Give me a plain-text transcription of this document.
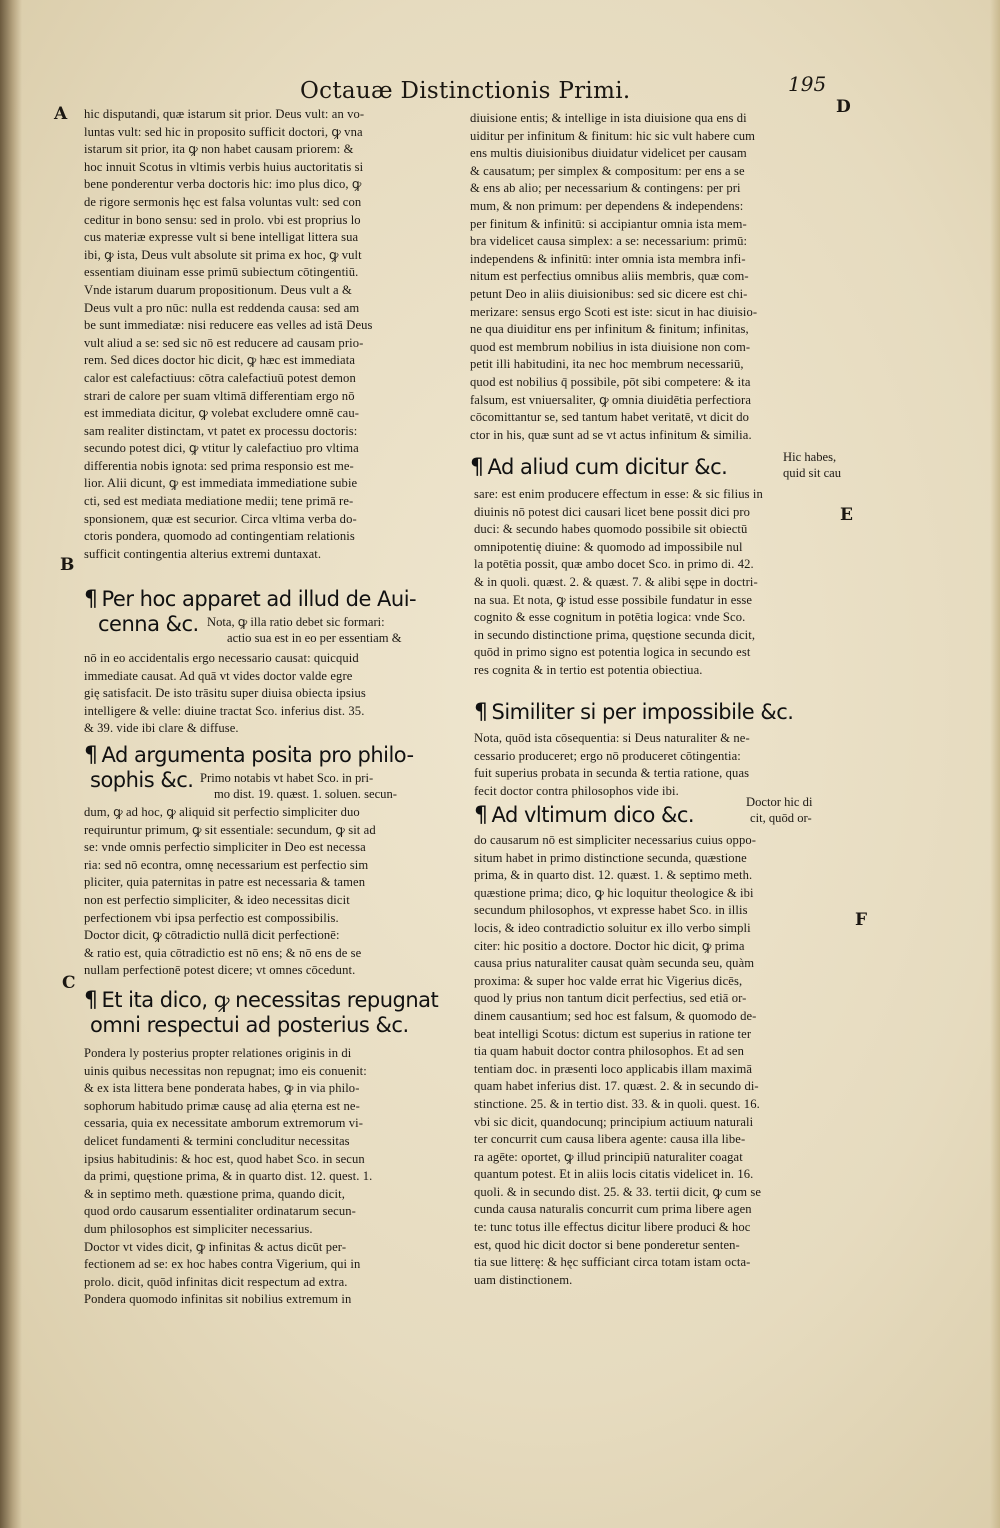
Octauæ Distinctionis Primi.	195
A
B
C
D
E
F
hic disputandi, quæ istarum sit prior. Deus vult: an vo-
luntas vult: sed hic in proposito sufficit doctori, ꝙ vna
istarum sit prior, ita ꝙ non habet causam priorem: &
hoc innuit Scotus in vltimis verbis huius auctoritatis si
bene ponderentur verba doctoris hic: imo plus dico, ꝙ
de rigore sermonis hęc est falsa voluntas vult: sed con
ceditur in bono sensu: sed in prolo. vbi est proprius lo
cus materiæ expresse vult si bene intelligat littera sua
ibi, ꝙ ista, Deus vult absolute sit prima ex hoc, ꝙ vult
essentiam diuinam esse primū subiectum cōtingentiū.
Vnde istarum duarum propositionum. Deus vult a &
Deus vult a pro nūc: nulla est reddenda causa: sed am
be sunt immediatæ: nisi reducere eas velles ad istā Deus
vult aliud a se: sed sic nō est reducere ad causam prio-
rem. Sed dices doctor hic dicit, ꝙ hæc est immediata
calor est calefactiuus: cōtra calefactiuū potest demon
strari de calore per suam vltimā differentiam ergo nō
est immediata dicitur, ꝙ volebat excludere omnē cau-
sam realiter distinctam, vt patet ex processu doctoris:
secundo potest dici, ꝙ vtitur ly calefactiuo pro vltima
differentia nobis ignota: sed prima responsio est me-
lior. Alii dicunt, ꝙ est immediata immediatione subie
cti, sed est mediata mediatione medii; tene primā re-
sponsionem, quæ est securior. Circa vltima verba do-
ctoris pondera, quomodo ad contingentiam relationis
sufficit contingentia alterius extremi duntaxat.
¶ Per hoc apparet ad illud de Aui-
cenna &c. Nota, ꝙ illa ratio debet sic formari:
actio sua est in eo per essentiam &
nō in eo accidentalis ergo necessario causat: quicquid
immediate causat. Ad quā vt vides doctor valde egre
gię satisfacit. De isto trāsitu super diuisa obiecta ipsius
intelligere & velle: diuine tractat Sco. inferius dist. 35.
& 39. vide ibi clare & diffuse.
¶ Ad argumenta posita pro philo-
sophis &c. Primo notabis vt habet Sco. in pri-
mo dist. 19. quæst. 1. soluen. secun-
dum, ꝙ ad hoc, ꝙ aliquid sit perfectio simpliciter duo
requiruntur primum, ꝙ sit essentiale: secundum, ꝙ sit ad
se: vnde omnis perfectio simpliciter in Deo est necessa
ria: sed nō econtra, omnę necessarium est perfectio sim
pliciter, quia paternitas in patre est necessaria & tamen
non est perfectio simpliciter, & ideo necessitas dicit
perfectionem vbi ipsa perfectio est compossibilis.
Doctor dicit, ꝙ cōtradictio nullā dicit perfectionē:
& ratio est, quia cōtradictio est nō ens; & nō ens de se
nullam perfectionē potest dicere; vt omnes cōcedunt.
¶ Et ita dico, ꝙ necessitas repugnat
omni respectui ad posterius &c.
Pondera ly posterius propter relationes originis in di
uinis quibus necessitas non repugnat; imo eis conuenit:
& ex ista littera bene ponderata habes, ꝙ in via philo-
sophorum habitudo primæ causę ad alia ęterna est ne-
cessaria, quia ex necessitate amborum extremorum vi-
delicet fundamenti & termini concluditur necessitas
ipsius habitudinis: & hoc est, quod habet Sco. in secun
da primi, quęstione prima, & in quarto dist. 12. quest. 1.
& in septimo meth. quæstione prima, quando dicit,
quod ordo causarum essentialiter ordinatarum secun-
dum philosophos est simpliciter necessarius.
Doctor vt vides dicit, ꝙ infinitas & actus dicūt per-
fectionem ad se: ex hoc habes contra Vigerium, qui in
prolo. dicit, quōd infinitas dicit respectum ad extra.
Pondera quomodo infinitas sit nobilius extremum in
diuisione entis; & intellige in ista diuisione qua ens di
uiditur per infinitum & finitum: hic sic vult habere cum
ens multis diuisionibus diuidatur videlicet per causam
& causatum; per simplex & compositum: per ens a se
& ens ab alio; per necessarium & contingens: per pri
mum, & non primum: per dependens & independens:
per finitum & infinitū: si accipiantur omnia ista mem-
bra videlicet causa simplex: a se: necessarium: primū:
independens & infinitū: inter omnia ista membra infi-
nitum est perfectius omnibus aliis membris, quæ com-
petunt Deo in aliis diuisionibus: sed sic dicere est chi-
merizare: sensus ergo Scoti est iste: sicut in hac diuisio-
ne qua diuiditur ens per infinitum & finitum; infinitas,
quod est membrum nobilius in ista diuisione non com-
petit illi habitudini, ita nec hoc membrum necessariū,
quod est nobilius q̄ possibile, pōt sibi competere: & ita
falsum, est vniuersaliter, ꝙ omnia diuidētia perfectiora
cōcomittantur se, sed tantum habet veritatē, vt dicit do
ctor in his, quæ sunt ad se vt actus infinitum & similia.
¶ Ad aliud cum dicitur &c.	Hic habes,
quid sit cau
sare: est enim producere effectum in esse: & sic filius in
diuinis nō potest dici causari licet bene possit dici pro
duci: & secundo habes quomodo possibile sit obiectū
omnipotentię diuine: & quomodo ad impossibile nul
la potētia possit, quæ ambo docet Sco. in primo di. 42.
& in quoli. quæst. 2. & quæst. 7. & alibi sępe in doctri-
na sua. Et nota, ꝙ istud esse possibile fundatur in esse
cognito & esse cognitum in potētia logica: vnde Sco.
in secundo distinctione prima, quęstione secunda dicit,
quōd in primo signo est potentia logica in secundo est
res cognita & in tertio est potentia obiectiua.
¶ Similiter si per impossibile &c.
Nota, quōd ista cōsequentia: si Deus naturaliter & ne-
cessario produceret; ergo nō produceret cōtingentia:
fuit superius probata in secunda & tertia ratione, quas
fecit doctor contra philosophos vide ibi.
¶ Ad vltimum dico &c.
Doctor hic di
cit, quōd or-
do causarum nō est simpliciter necessarius cuius oppo-
situm habet in primo distinctione secunda, quæstione
prima, & in quarto dist. 12. quæst. 1. & septimo meth.
quæstione prima; dico, ꝙ hic loquitur theologice & ibi
secundum philosophos, vt expresse habet Sco. in illis
locis, & ideo contradictio soluitur ex illo verbo simpli
citer: hic positio a doctore. Doctor hic dicit, ꝙ prima
causa prius naturaliter causat quàm secunda seu, quàm
proxima: & super hoc valde errat hic Vigerius dicēs,
quod ly prius non tantum dicit perfectius, sed etiā or-
dinem causantium; sed hoc est falsum, & quomodo de-
beat intelligi Scotus: dictum est superius in ratione ter
tia quam habuit doctor contra philosophos. Et ad sen
tentiam doc. in præsenti loco applicabis illam maximā
quam habet inferius dist. 17. quæst. 2. & in secundo di-
stinctione. 25. & in tertio dist. 33. & in quoli. quest. 16.
vbi sic dicit, quandocunq; principium actiuum naturali
ter concurrit cum causa libera agente: causa illa libe-
ra agēte: oportet, ꝙ illud principiū naturaliter coagat
quantum potest. Et in aliis locis citatis videlicet in. 16.
quoli. & in secundo dist. 25. & 33. tertii dicit, ꝙ cum se
cunda causa naturalis concurrit cum prima libere agen
te: tunc totus ille effectus dicitur libere produci & hoc
est, quod hic dicit doctor si bene ponderetur senten-
tia sue litterę: & hęc sufficiant circa totam istam octa-
uam distinctionem.
